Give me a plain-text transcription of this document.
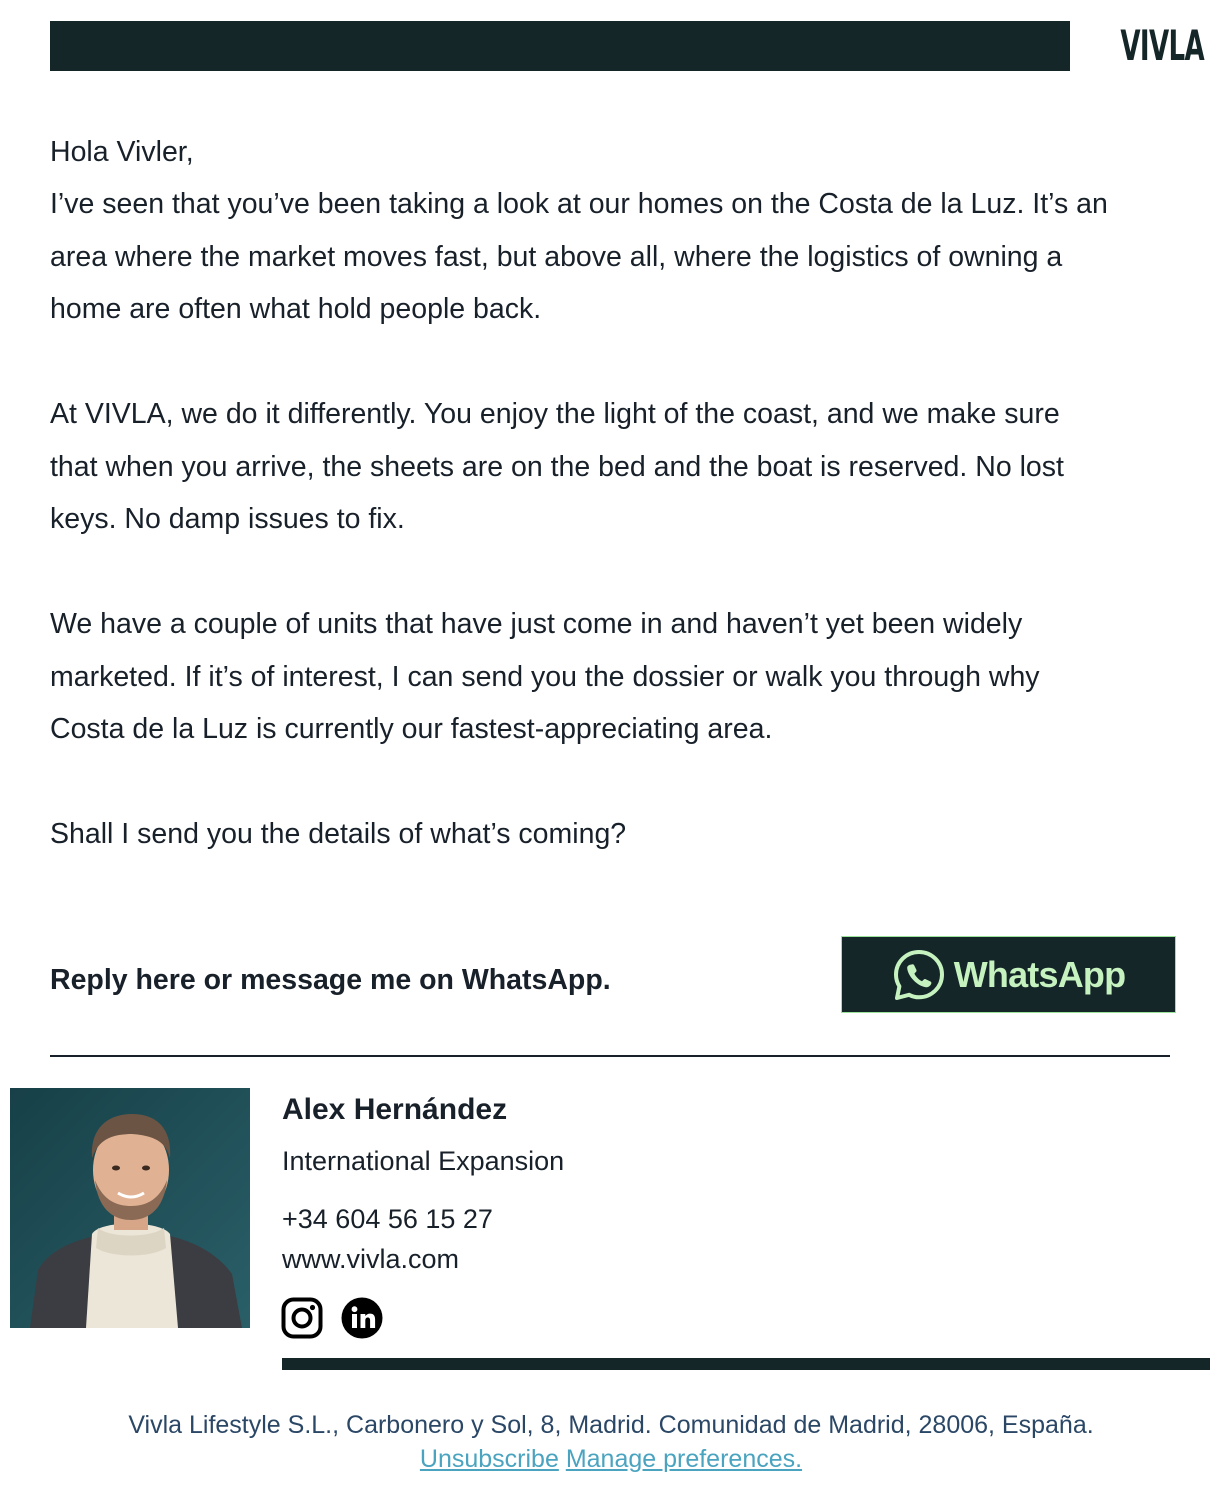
VIVLA
Hola Vivler,
I’ve seen that you’ve been taking a look at our homes on the Costa de la Luz. It’s an
area where the market moves fast, but above all, where the logistics of owning a
home are often what hold people back.
At VIVLA, we do it differently. You enjoy the light of the coast, and we make sure
that when you arrive, the sheets are on the bed and the boat is reserved. No lost
keys. No damp issues to fix.
We have a couple of units that have just come in and haven’t yet been widely
marketed. If it’s of interest, I can send you the dossier or walk you through why
Costa de la Luz is currently our fastest-appreciating area.
Shall I send you the details of what’s coming?
Reply here or message me on WhatsApp.	WhatsApp
Alex Hernández
International Expansion
+34 604 56 15 27
www.vivla.com
Vivla Lifestyle S.L., Carbonero y Sol, 8, Madrid. Comunidad de Madrid, 28006, España.
Unsubscribe Manage preferences.
